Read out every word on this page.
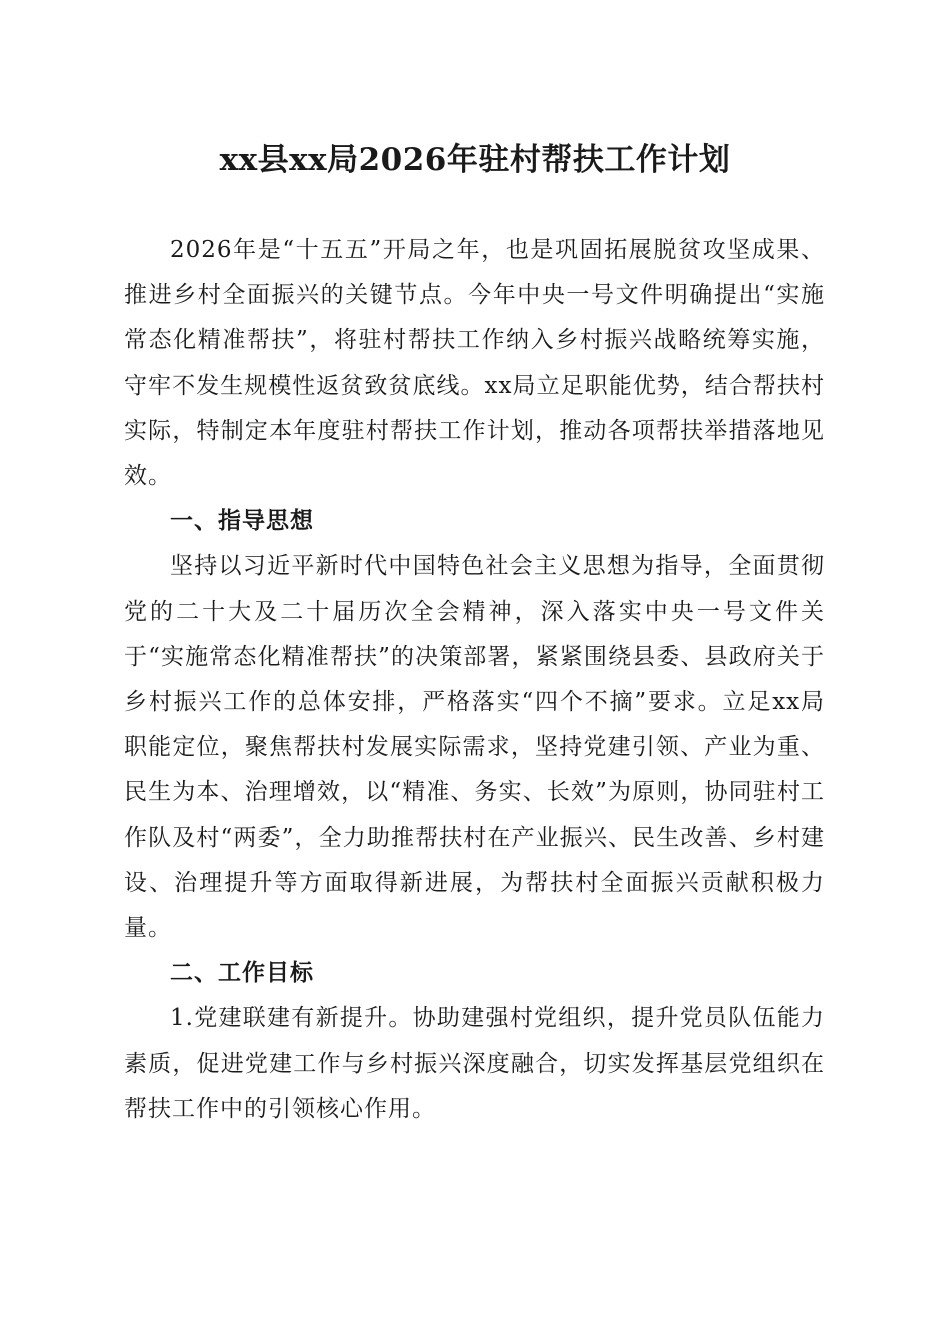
xx县xx局2026年驻村帮扶工作计划

2026年是“十五五”开局之年，也是巩固拓展脱贫攻坚成果、推进乡村全面振兴的关键节点。今年中央一号文件明确提出“实施常态化精准帮扶”，将驻村帮扶工作纳入乡村振兴战略统筹实施，守牢不发生规模性返贫致贫底线。xx局立足职能优势，结合帮扶村实际，特制定本年度驻村帮扶工作计划，推动各项帮扶举措落地见效。

一、指导思想

坚持以习近平新时代中国特色社会主义思想为指导，全面贯彻党的二十大及二十届历次全会精神，深入落实中央一号文件关于“实施常态化精准帮扶”的决策部署，紧紧围绕县委、县政府关于乡村振兴工作的总体安排，严格落实“四个不摘”要求。立足xx局职能定位，聚焦帮扶村发展实际需求，坚持党建引领、产业为重、民生为本、治理增效，以“精准、务实、长效”为原则，协同驻村工作队及村“两委”，全力助推帮扶村在产业振兴、民生改善、乡村建设、治理提升等方面取得新进展，为帮扶村全面振兴贡献积极力量。

二、工作目标

1.党建联建有新提升。协助建强村党组织，提升党员队伍能力素质，促进党建工作与乡村振兴深度融合，切实发挥基层党组织在帮扶工作中的引领核心作用。
